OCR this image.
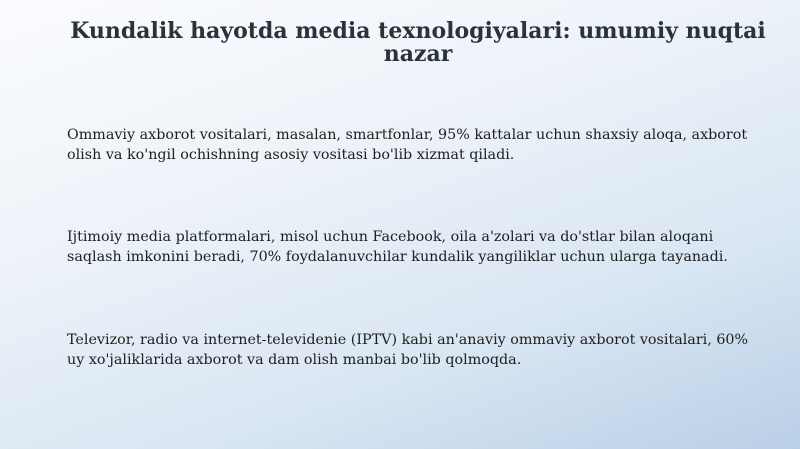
Kundalik hayotda media texnologiyalari: umumiy nuqtai nazar

Ommaviy axborot vositalari, masalan, smartfonlar, 95% kattalar uchun shaxsiy aloqa, axborot olish va ko'ngil ochishning asosiy vositasi bo'lib xizmat qiladi.

Ijtimoiy media platformalari, misol uchun Facebook, oila a'zolari va do'stlar bilan aloqani saqlash imkonini beradi, 70% foydalanuvchilar kundalik yangiliklar uchun ularga tayanadi.

Televizor, radio va internet-televidenie (IPTV) kabi an'anaviy ommaviy axborot vositalari, 60% uy xo'jaliklarida axborot va dam olish manbai bo'lib qolmoqda.
